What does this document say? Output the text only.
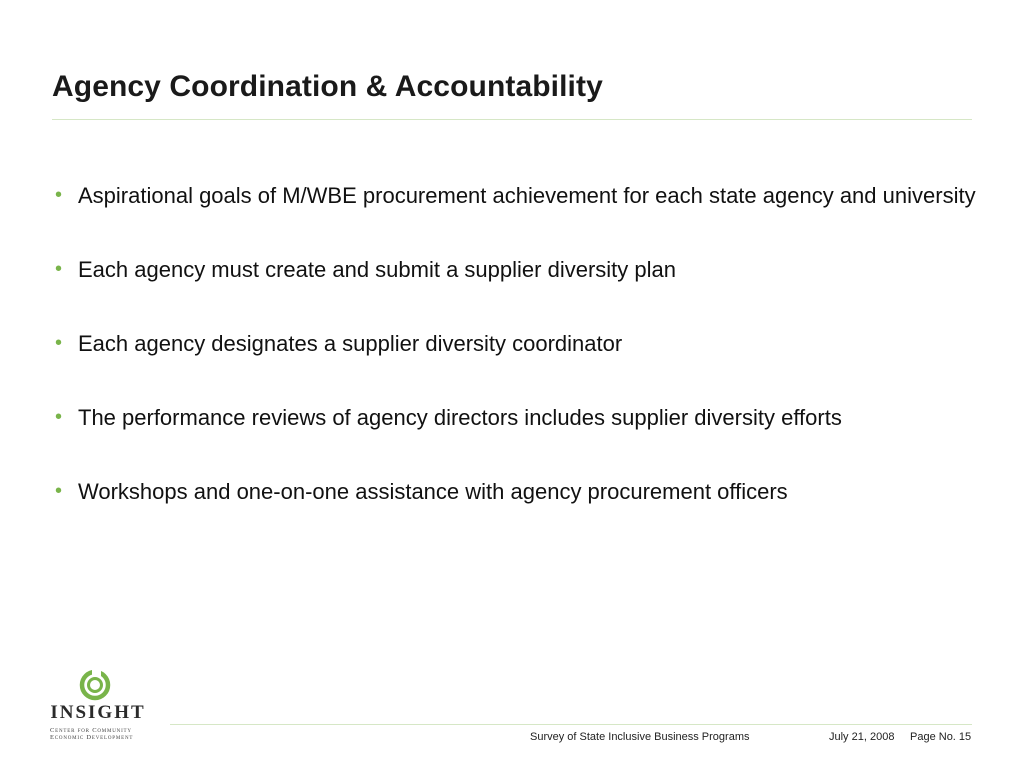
Agency Coordination & Accountability
• Aspirational goals of M/WBE procurement achievement for each state agency and university
• Each agency must create and submit a supplier diversity plan
• Each agency designates a supplier diversity coordinator
• The performance reviews of agency directors includes supplier diversity efforts
• Workshops and one-on-one assistance with agency procurement officers
INSIGHT
Center for Community
Economic Development	Survey of State Inclusive Business Programs	July 21, 2008 Page No. 15
